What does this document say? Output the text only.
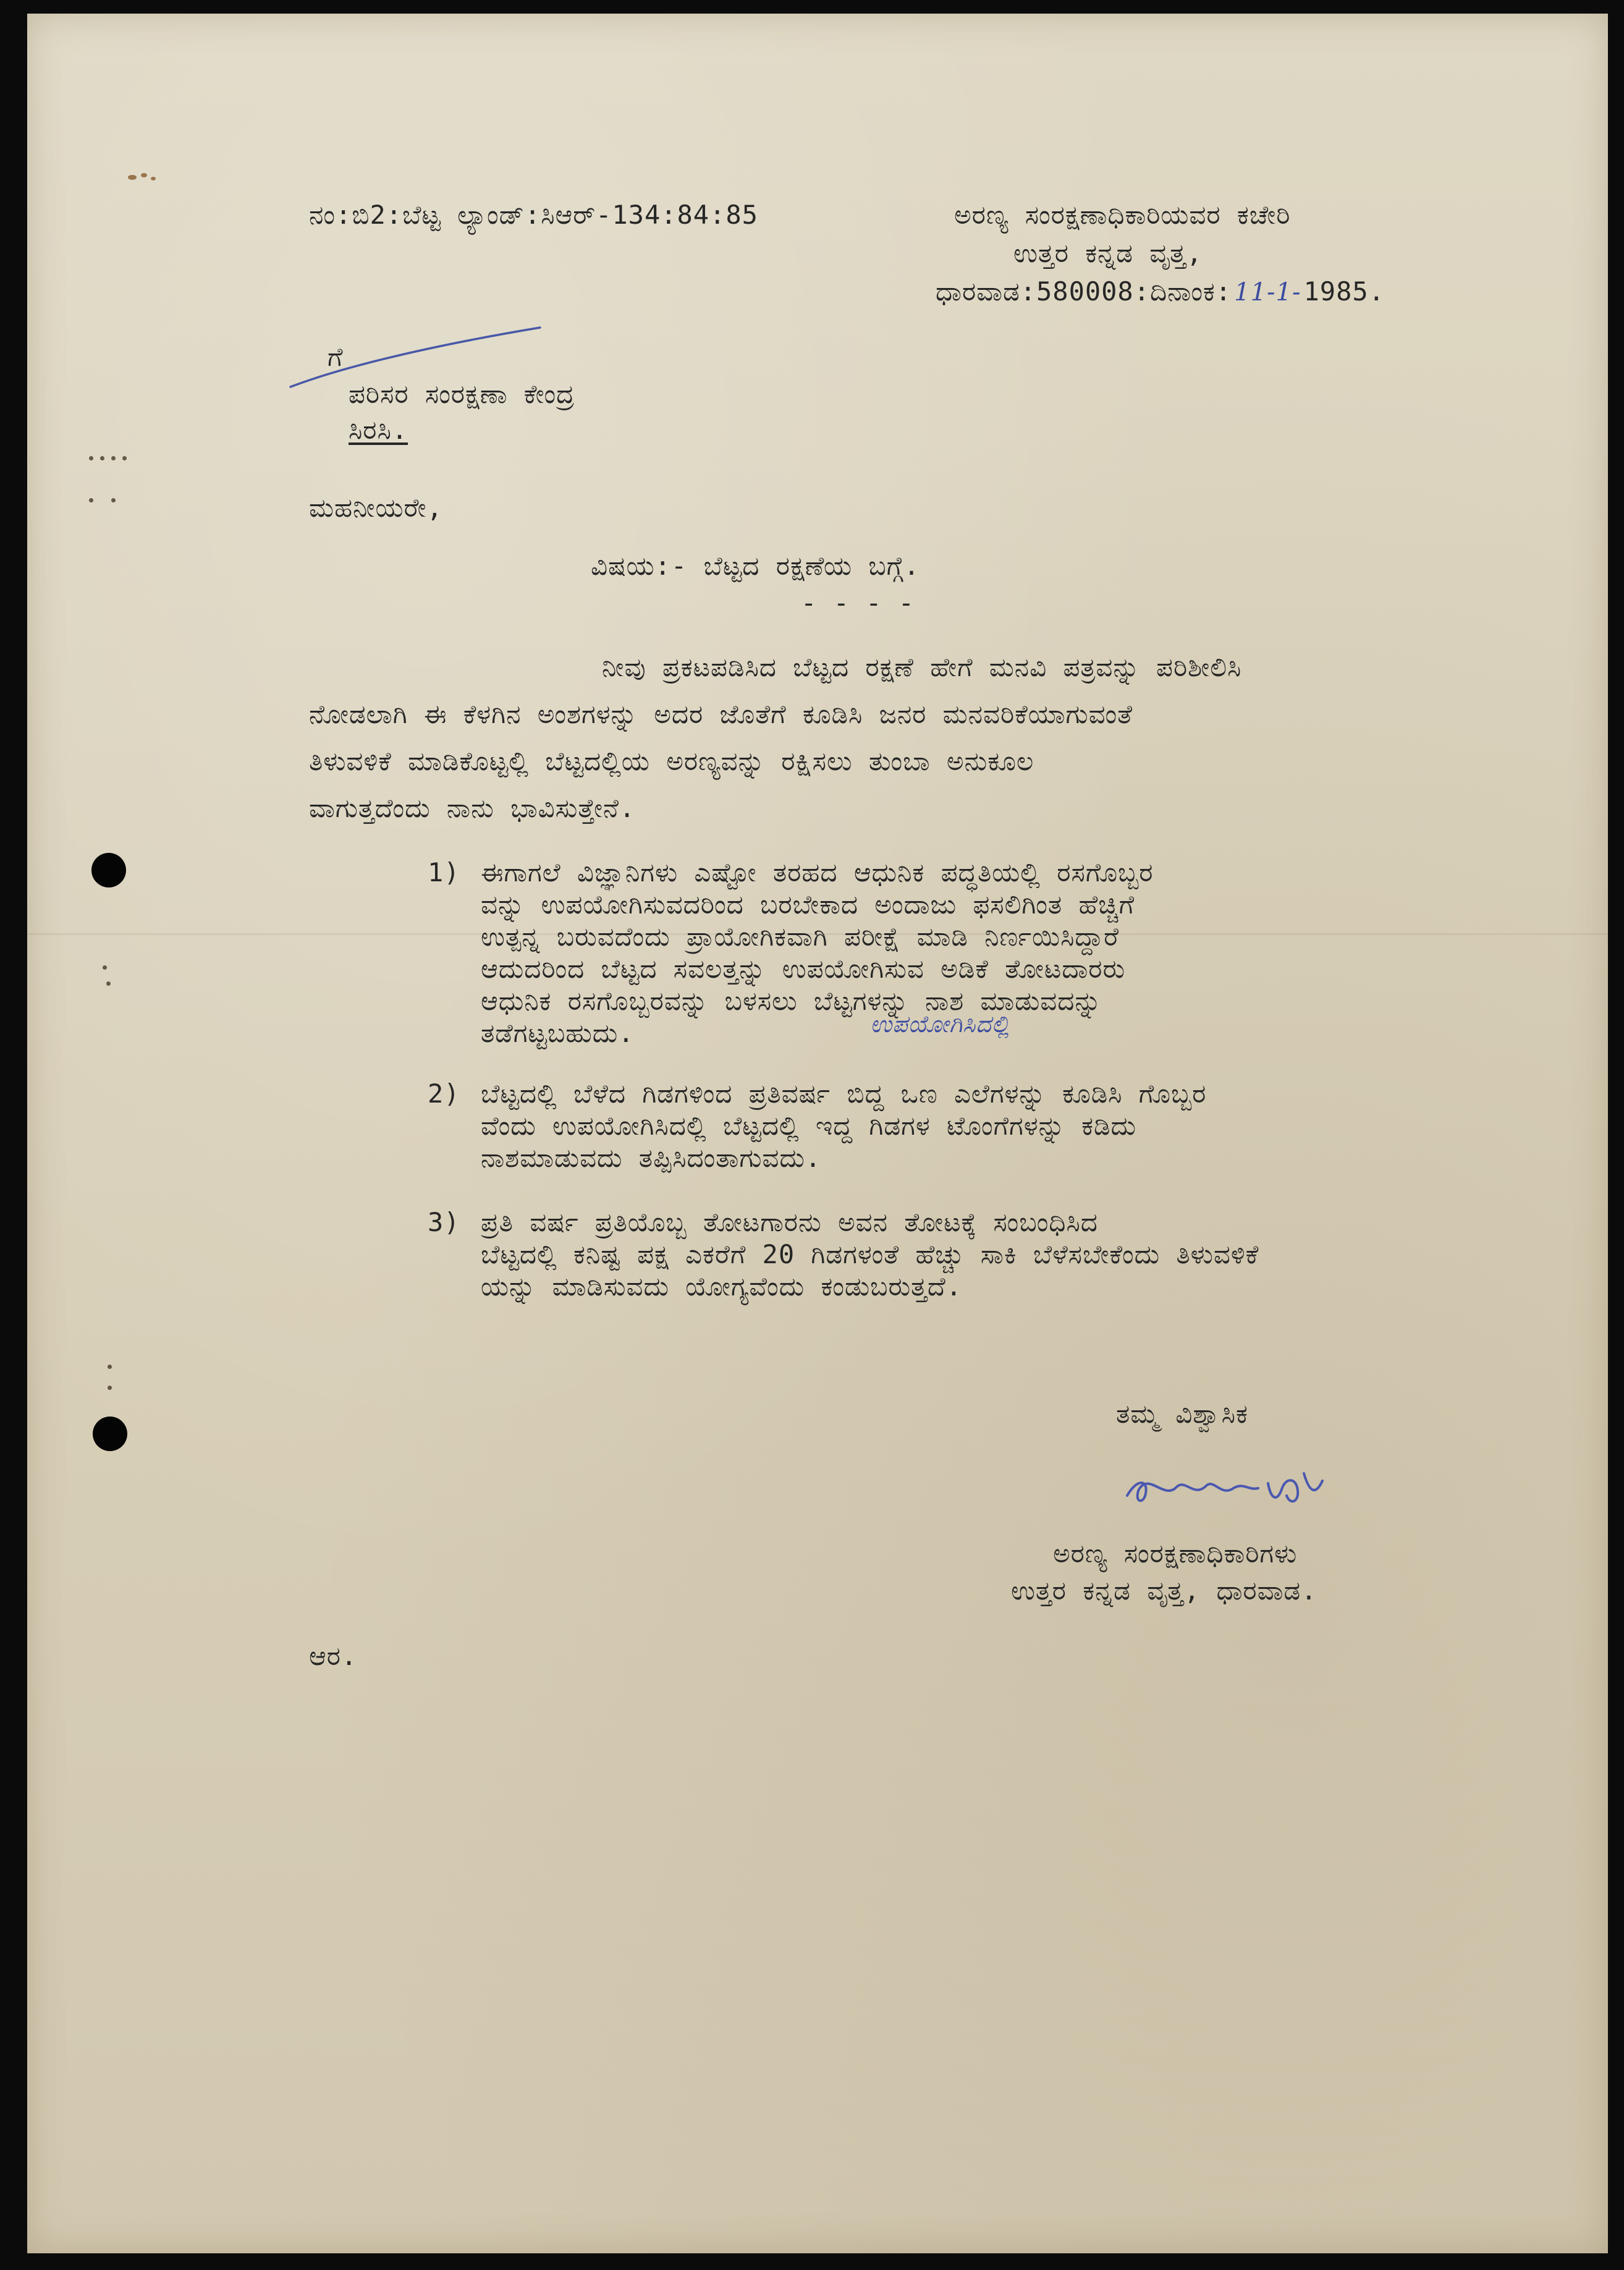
ನಂ:ಬಿ2:ಬೆಟ್ಟ ಲ್ಯಾಂಡ್:ಸಿಆರ್-134:84:85	ಅರಣ್ಯ ಸಂರಕ್ಷಣಾಧಿಕಾರಿಯವರ ಕಚೇರಿ
ಉತ್ತರ ಕನ್ನಡ ವೃತ್ತ,
ಧಾರವಾಡ:580008:ದಿನಾಂಕ: 11-1-1985.
ಗೆ
ಪರಿಸರ ಸಂರಕ್ಷಣಾ ಕೇಂದ್ರ
ಸಿರಸಿ.
ಮಹನೀಯರೇ,
ವಿಷಯ:- ಬೆಟ್ಟದ ರಕ್ಷಣೆಯ ಬಗ್ಗೆ.
- - - -

ನೀವು ಪ್ರಕಟಪಡಿಸಿದ ಬೆಟ್ಟದ ರಕ್ಷಣೆ ಹೇಗೆ ಮನವಿ ಪತ್ರವನ್ನು ಪರಿಶೀಲಿಸಿ

ನೋಡಲಾಗಿ ಈ ಕೆಳಗಿನ ಅಂಶಗಳನ್ನು ಅದರ ಜೊತೆಗೆ ಕೂಡಿಸಿ ಜನರ ಮನವರಿಕೆಯಾಗುವಂತೆ

ತಿಳುವಳಿಕೆ ಮಾಡಿಕೊಟ್ಟಲ್ಲಿ ಬೆಟ್ಟದಲ್ಲಿಯ ಅರಣ್ಯವನ್ನು ರಕ್ಷಿಸಲು ತುಂಬಾ ಅನುಕೂಲ

ವಾಗುತ್ತದೆಂದು ನಾನು ಭಾವಿಸುತ್ತೇನೆ.

1) ಈಗಾಗಲೆ ವಿಜ್ಞಾನಿಗಳು ಎಷ್ಟೋ ತರಹದ ಆಧುನಿಕ ಪದ್ಧತಿಯಲ್ಲಿ ರಸಗೊಬ್ಬರ

ವನ್ನು ಉಪಯೋಗಿಸುವದರಿಂದ ಬರಬೇಕಾದ ಅಂದಾಜು ಫಸಲಿಗಿಂತ ಹೆಚ್ಚಿಗೆ

ಉತ್ಪನ್ನ ಬರುವದೆಂದು ಪ್ರಾಯೋಗಿಕವಾಗಿ ಪರೀಕ್ಷೆ ಮಾಡಿ ನಿರ್ಣಯಿಸಿದ್ದಾರೆ

ಆದುದರಿಂದ ಬೆಟ್ಟದ ಸವಲತ್ತನ್ನು ಉಪಯೋಗಿಸುವ ಅಡಿಕೆ ತೋಟದಾರರು

ಆಧುನಿಕ ರಸಗೊಬ್ಬರವನ್ನು ಬಳಸಲು ಬೆಟ್ಟಗಳನ್ನು ನಾಶ ಮಾಡುವದನ್ನು

ತಡೆಗಟ್ಟಬಹುದು.	ಉಪಯೋಗಿಸಿದಲ್ಲಿ
2) ಬೆಟ್ಟದಲ್ಲಿ ಬೆಳೆದ ಗಿಡಗಳಿಂದ ಪ್ರತಿವರ್ಷ ಬಿದ್ದ ಒಣ ಎಲೆಗಳನ್ನು ಕೂಡಿಸಿ ಗೊಬ್ಬರ

ವೆಂದು ಉಪಯೋಗಿಸಿದಲ್ಲಿ ಬೆಟ್ಟದಲ್ಲಿ ಇದ್ದ ಗಿಡಗಳ ಟೊಂಗೆಗಳನ್ನು ಕಡಿದು

ನಾಶಮಾಡುವದು ತಪ್ಪಿಸಿದಂತಾಗುವದು.

3) ಪ್ರತಿ ವರ್ಷ ಪ್ರತಿಯೊಬ್ಬ ತೋಟಗಾರನು ಅವನ ತೋಟಕ್ಕೆ ಸಂಬಂಧಿಸಿದ

ಬೆಟ್ಟದಲ್ಲಿ ಕನಿಷ್ಟ ಪಕ್ಷ ಎಕರೆಗೆ 20 ಗಿಡಗಳಂತೆ ಹೆಚ್ಚು ಸಾಕಿ ಬೆಳೆಸಬೇಕೆಂದು ತಿಳುವಳಿಕೆ

ಯನ್ನು ಮಾಡಿಸುವದು ಯೋಗ್ಯವೆಂದು ಕಂಡುಬರುತ್ತದೆ.

ತಮ್ಮ ವಿಶ್ವಾಸಿಕ
ಅರಣ್ಯ ಸಂರಕ್ಷಣಾಧಿಕಾರಿಗಳು
ಉತ್ತರ ಕನ್ನಡ ವೃತ್ತ, ಧಾರವಾಡ.
ಆರ.
